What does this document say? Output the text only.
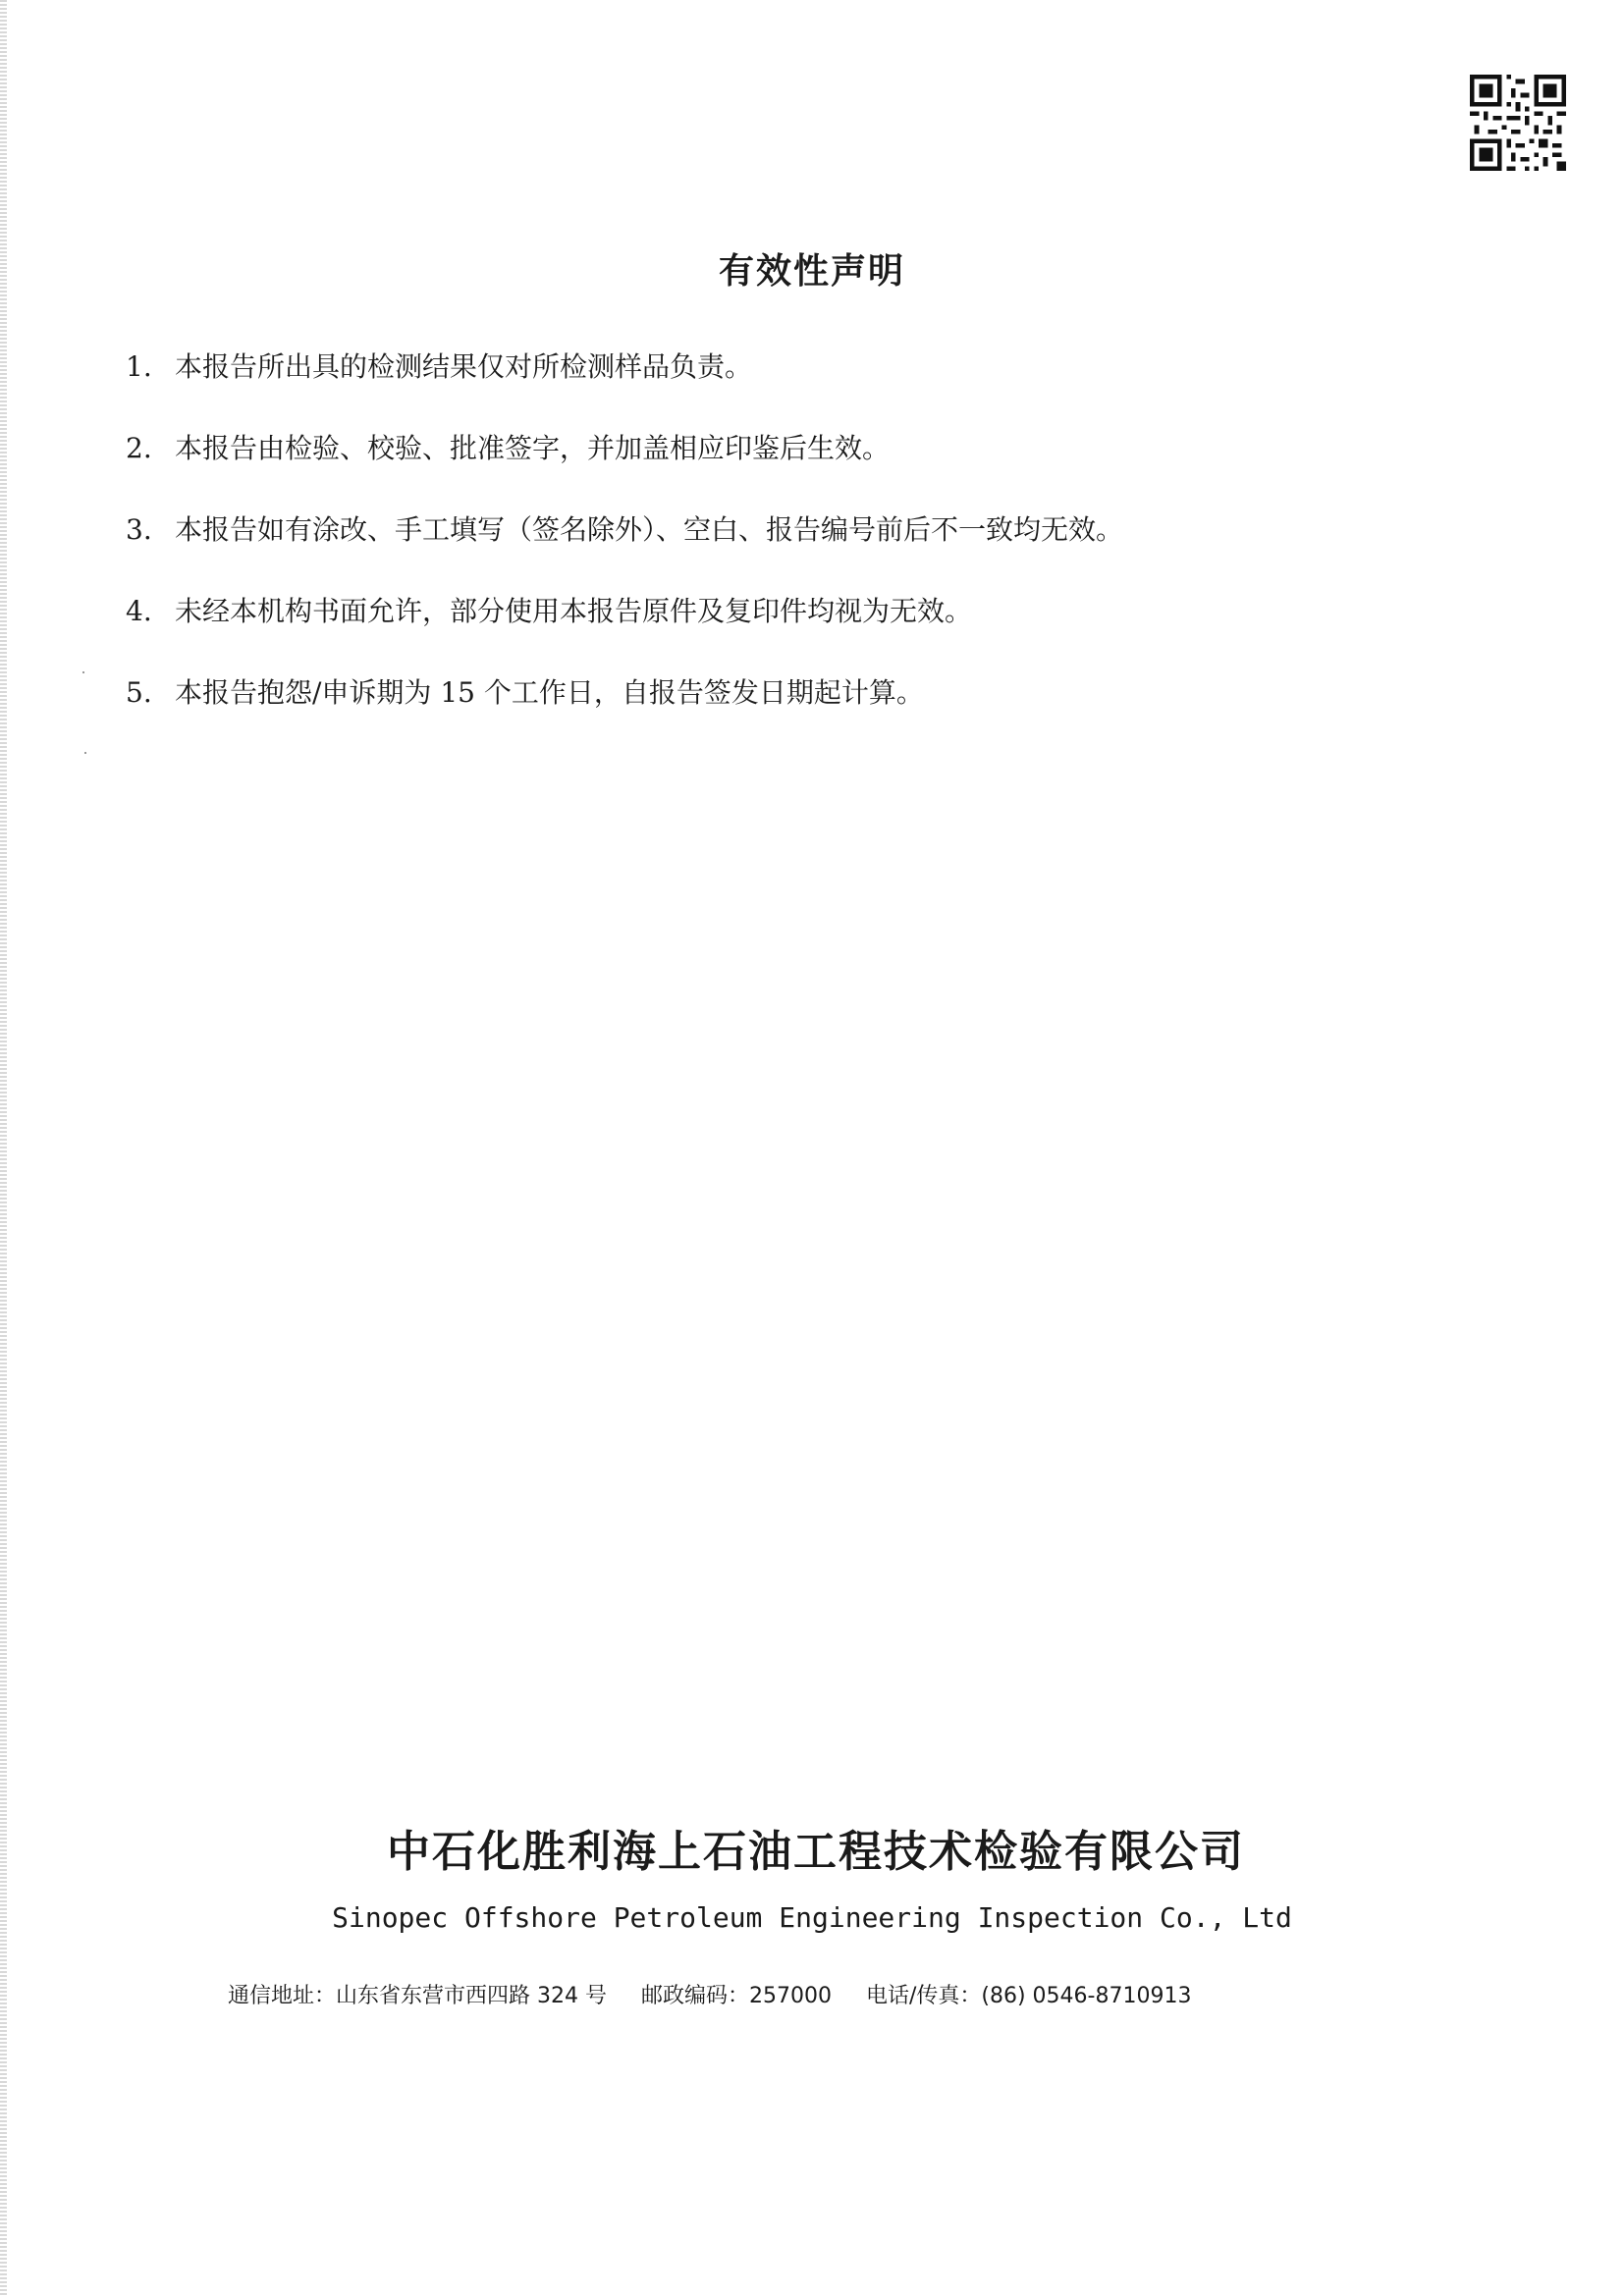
有效性声明
1. 本报告所出具的检测结果仅对所检测样品负责。
2. 本报告由检验、校验、批准签字，并加盖相应印鉴后生效。
3. 本报告如有涂改、手工填写（签名除外）、空白、报告编号前后不一致均无效。
4. 未经本机构书面允许，部分使用本报告原件及复印件均视为无效。
5. 本报告抱怨/申诉期为 15 个工作日，自报告签发日期起计算。
中石化胜利海上石油工程技术检验有限公司
Sinopec Offshore Petroleum Engineering Inspection Co., Ltd
通信地址：山东省东营市西四路 324 号 邮政编码：257000 电话/传真：(86) 0546-8710913
